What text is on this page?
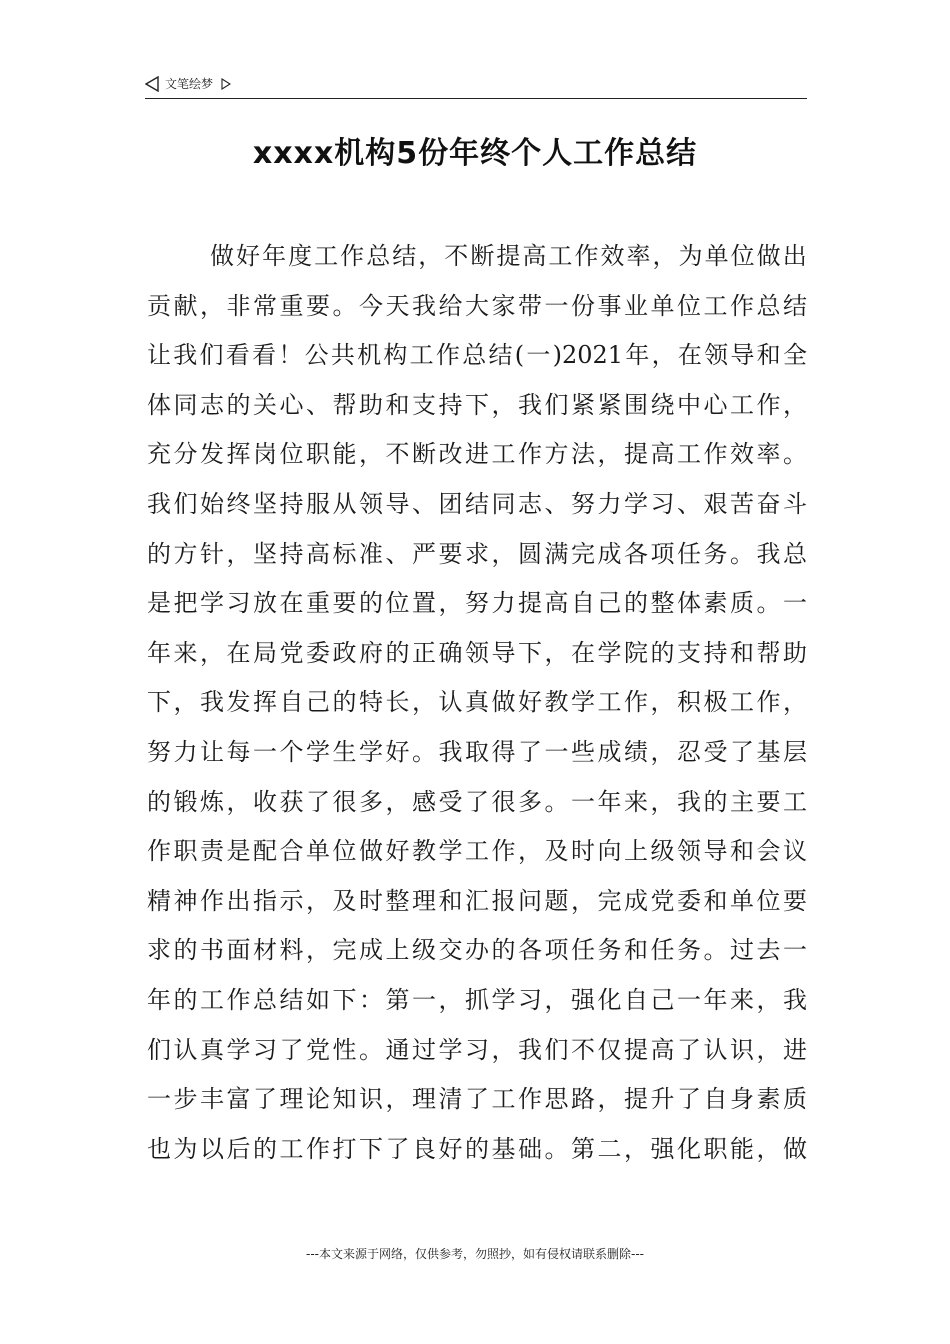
文笔绘梦
xxxx机构5份年终个人工作总结
做 好 年 度 工 作 总 结 ， 不 断 提 高 工 作 效 率 ， 为 单 位 做 出
贡 献 ， 非 常 重 要 。 今 天 我 给 大 家 带 一 份 事 业 单 位 工 作 总 结
让 我 们 看 看 ！ 公 共 机 构 工 作 总 结 ( 一 )2021 年 ， 在 领 导 和 全
体 同 志 的 关 心 、 帮 助 和 支 持 下 ， 我 们 紧 紧 围 绕 中 心 工 作 ，
充 分 发 挥 岗 位 职 能 ， 不 断 改 进 工 作 方 法 ， 提 高 工 作 效 率 。
我 们 始 终 坚 持 服 从 领 导 、 团 结 同 志 、 努 力 学 习 、 艰 苦 奋 斗
的 方 针 ， 坚 持 高 标 准 、 严 要 求 ， 圆 满 完 成 各 项 任 务 。 我 总
是 把 学 习 放 在 重 要 的 位 置 ， 努 力 提 高 自 己 的 整 体 素 质 。 一
年 来 ， 在 局 党 委 政 府 的 正 确 领 导 下 ， 在 学 院 的 支 持 和 帮 助
下 ， 我 发 挥 自 己 的 特 长 ， 认 真 做 好 教 学 工 作 ， 积 极 工 作 ，
努 力 让 每 一 个 学 生 学 好 。 我 取 得 了 一 些 成 绩 ， 忍 受 了 基 层
的 锻 炼 ， 收 获 了 很 多 ， 感 受 了 很 多 。 一 年 来 ， 我 的 主 要 工
作 职 责 是 配 合 单 位 做 好 教 学 工 作 ， 及 时 向 上 级 领 导 和 会 议
精 神 作 出 指 示 ， 及 时 整 理 和 汇 报 问 题 ， 完 成 党 委 和 单 位 要
求 的 书 面 材 料 ， 完 成 上 级 交 办 的 各 项 任 务 和 任 务 。 过 去 一
年 的 工 作 总 结 如 下 ： 第 一 ， 抓 学 习 ， 强 化 自 己 一 年 来 ， 我
们 认 真 学 习 了 党 性 。 通 过 学 习 ， 我 们 不 仅 提 高 了 认 识 ， 进
一 步 丰 富 了 理 论 知 识 ， 理 清 了 工 作 思 路 ， 提 升 了 自 身 素 质
也 为 以 后 的 工 作 打 下 了 良 好 的 基 础 。 第 二 ， 强 化 职 能 ， 做
---本文来源于网络，仅供参考，勿照抄，如有侵权请联系删除---
